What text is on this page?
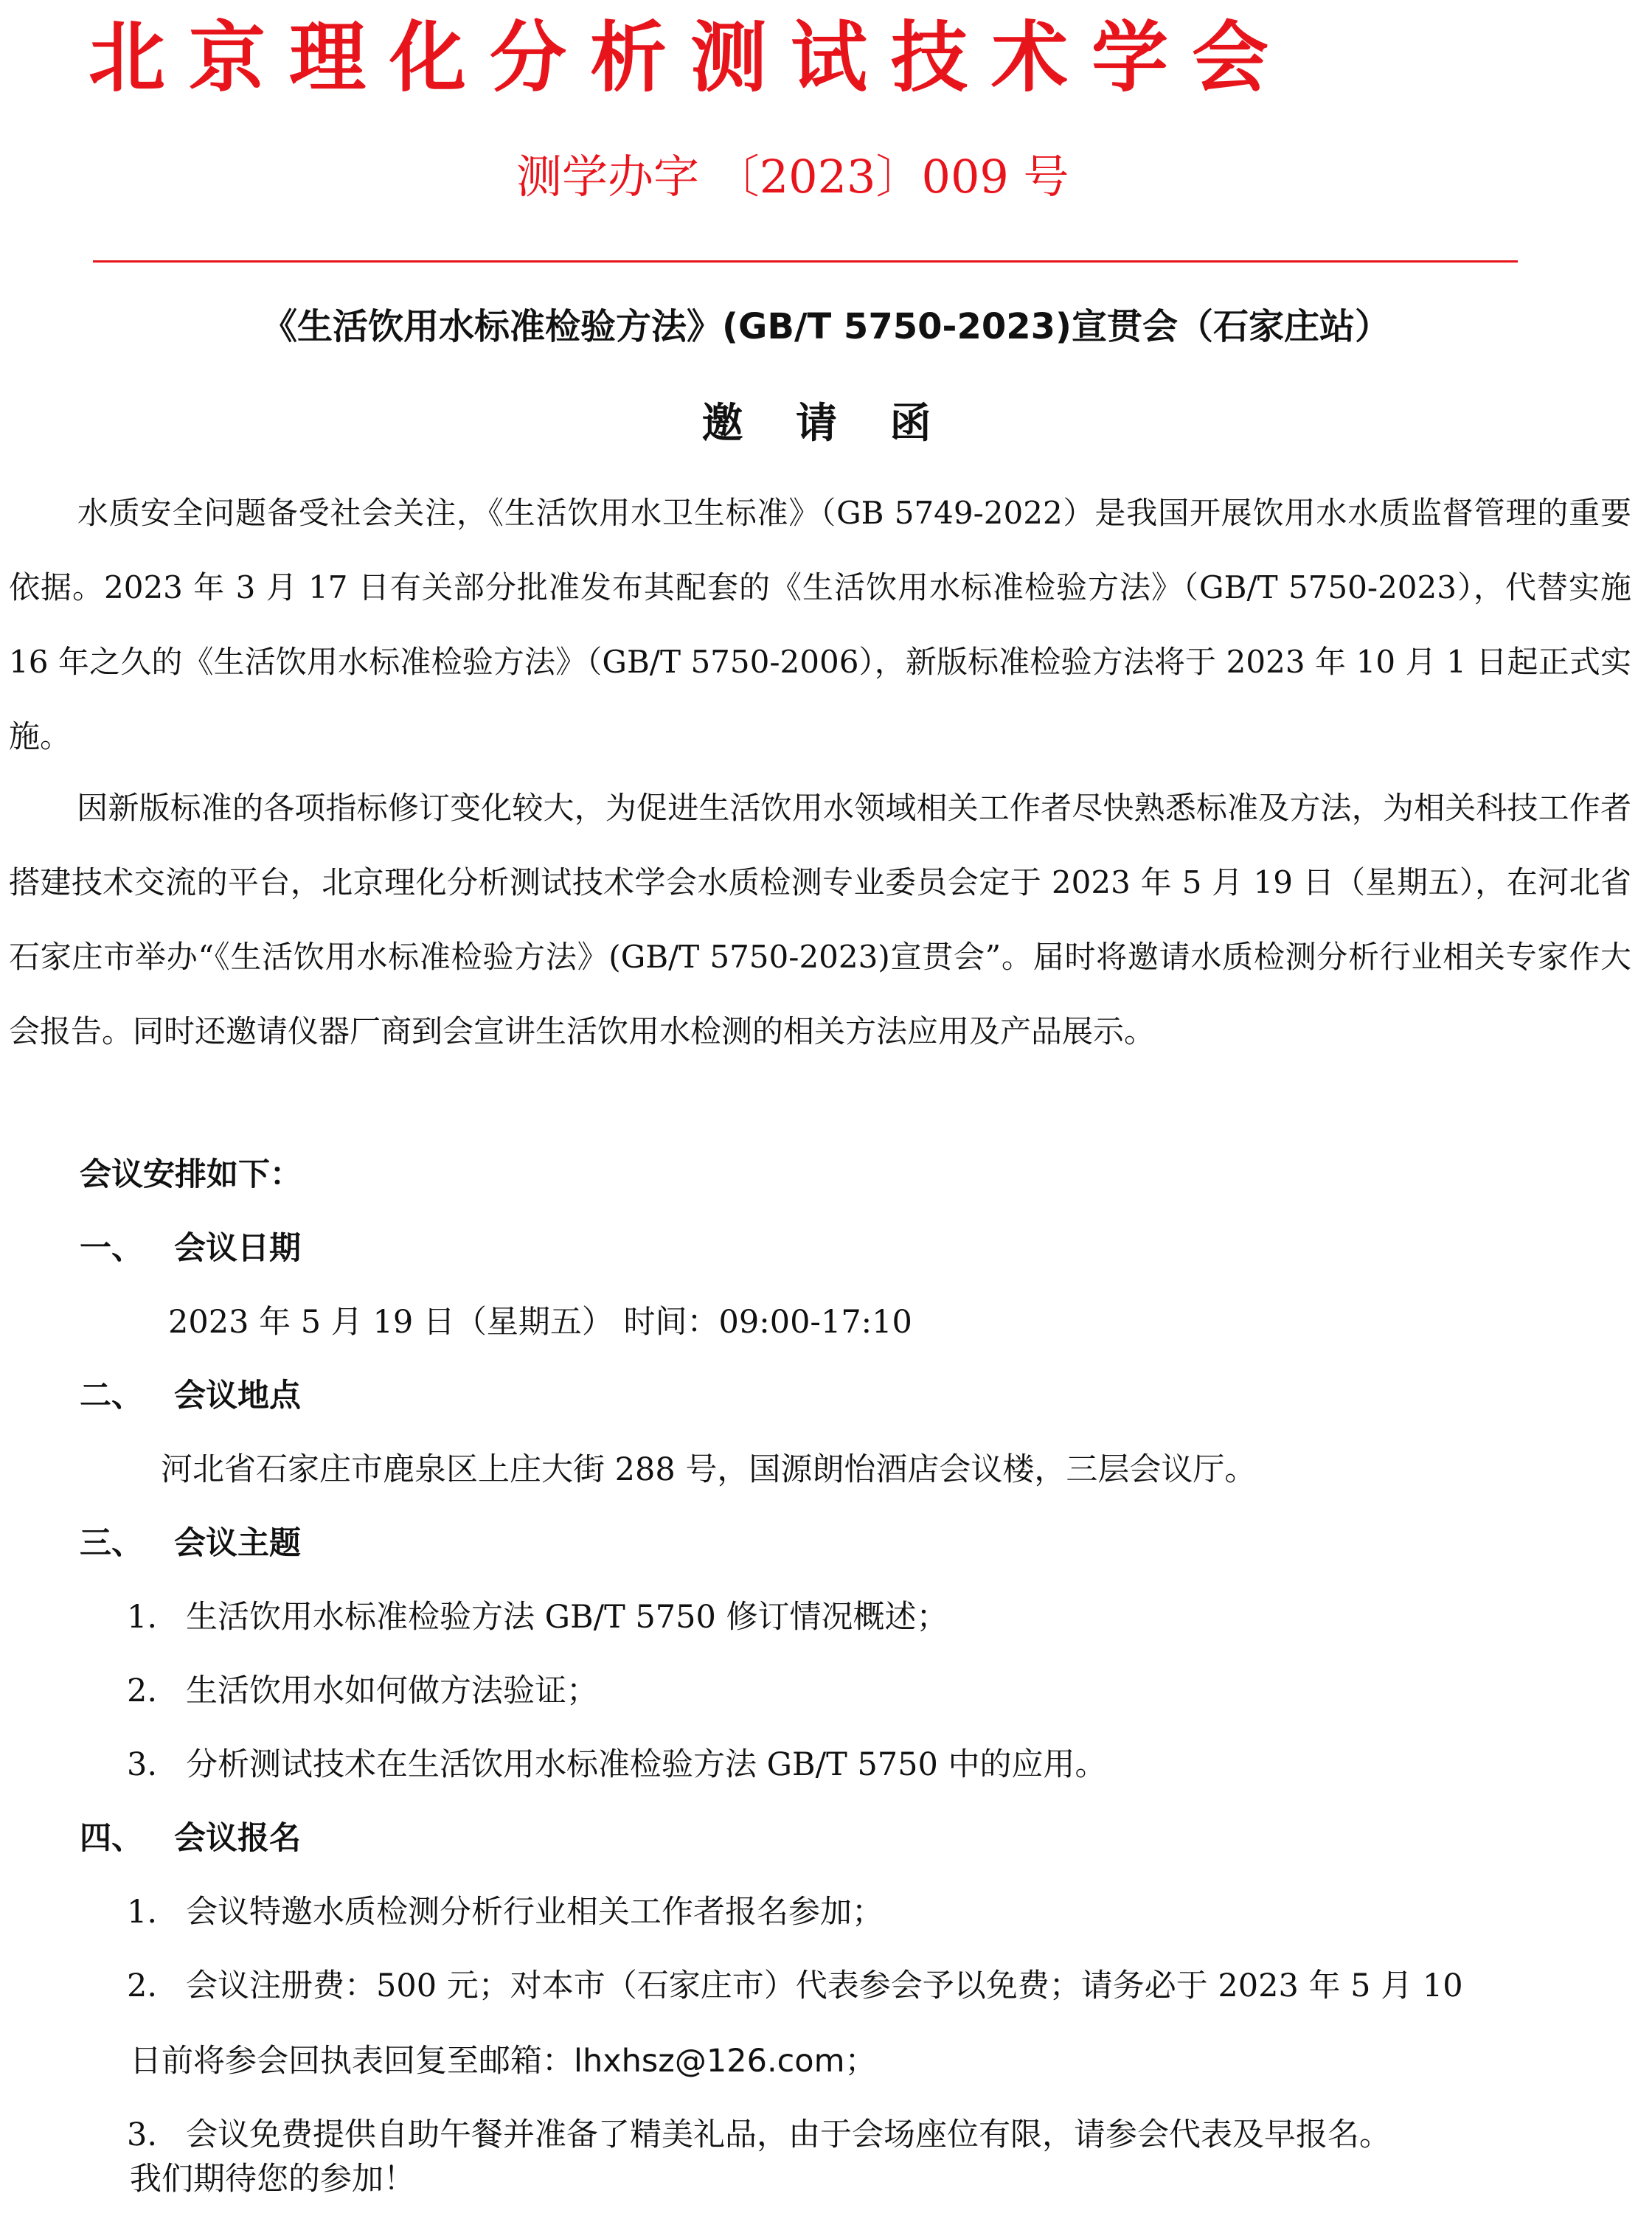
北京理化分析测试技术学会
测学办字 〔2023〕009 号
《生活饮用水标准检验方法》(GB/T 5750-2023)宣贯会（石家庄站）
邀 请 函

水质安全问题备受社会关注，《生活饮用水卫生标准》（GB 5749-2022）是我国开展饮用水水质监督管理的重要依据。2023 年 3 月 17 日有关部分批准发布其配套的《生活饮用水标准检验方法》（GB/T 5750-2023），代替实施 16 年之久的《生活饮用水标准检验方法》（GB/T 5750-2006），新版标准检验方法将于 2023 年 10 月 1 日起正式实施。

因新版标准的各项指标修订变化较大，为促进生活饮用水领域相关工作者尽快熟悉标准及方法，为相关科技工作者搭建技术交流的平台，北京理化分析测试技术学会水质检测专业委员会定于 2023 年 5 月 19 日（星期五），在河北省石家庄市举办“《生活饮用水标准检验方法》(GB/T 5750-2023)宣贯会”。届时将邀请水质检测分析行业相关专家作大会报告。同时还邀请仪器厂商到会宣讲生活饮用水检测的相关方法应用及产品展示。

会议安排如下：
一、 会议日期
2023 年 5 月 19 日（星期五） 时间：09:00-17:10
二、 会议地点
河北省石家庄市鹿泉区上庄大街 288 号，国源朗怡酒店会议楼，三层会议厅。
三、 会议主题
1. 生活饮用水标准检验方法 GB/T 5750 修订情况概述；
2. 生活饮用水如何做方法验证；
3. 分析测试技术在生活饮用水标准检验方法 GB/T 5750 中的应用。
四、 会议报名
1. 会议特邀水质检测分析行业相关工作者报名参加；
2. 会议注册费：500 元；对本市（石家庄市）代表参会予以免费；请务必于 2023 年 5 月 10
日前将参会回执表回复至邮箱：lhxhsz@126.com；
3. 会议免费提供自助午餐并准备了精美礼品，由于会场座位有限，请参会代表及早报名。
我们期待您的参加！
